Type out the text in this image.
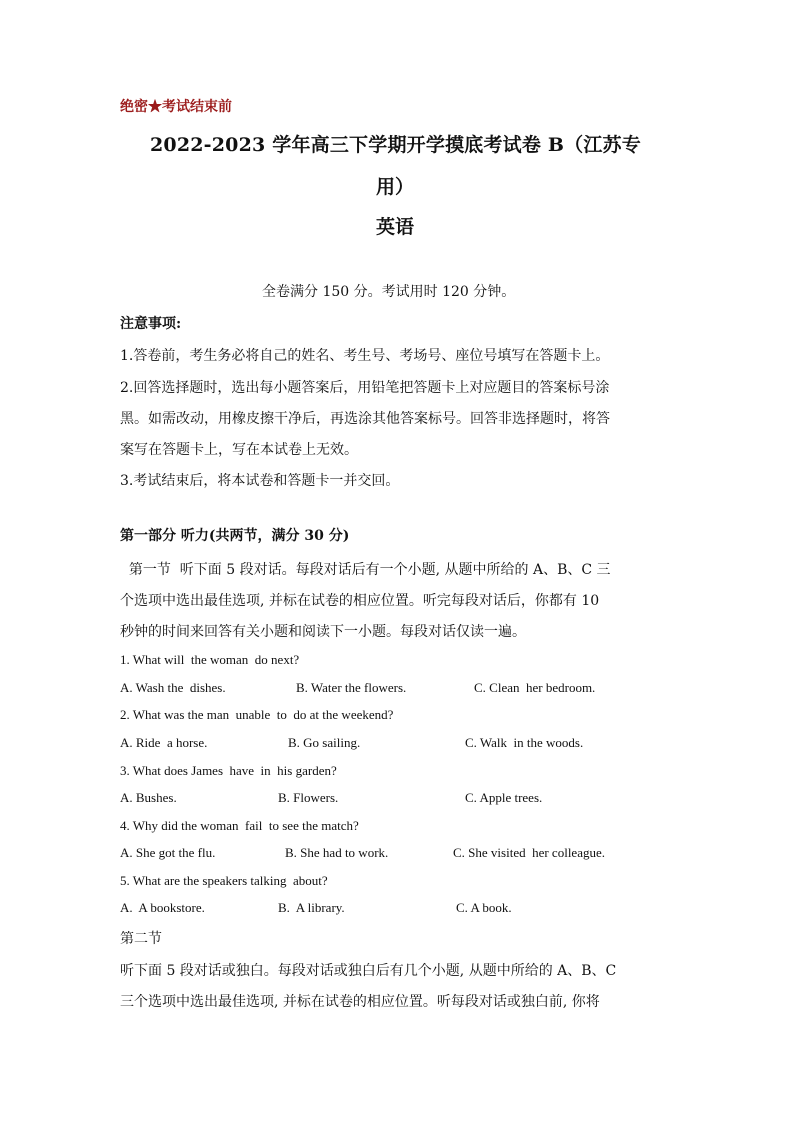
绝密★考试结束前
2022-2023 学年高三下学期开学摸底考试卷 B（江苏专
用）
英语
全卷满分 150 分。考试用时 120 分钟。
注意事项:
1.答卷前，考生务必将自己的姓名、考生号、考场号、座位号填写在答题卡上。
2.回答选择题时，选出每小题答案后，用铅笔把答题卡上对应题目的答案标号涂
黑。如需改动，用橡皮擦干净后，再选涂其他答案标号。回答非选择题时，将答
案写在答题卡上，写在本试卷上无效。
3.考试结束后，将本试卷和答题卡一并交回。
第一部分 听力(共两节，满分 30 分)
第一节  听下面 5 段对话。每段对话后有一个小题, 从题中所给的 A、B、C 三
个选项中选出最佳选项, 并标在试卷的相应位置。听完每段对话后，你都有 10
秒钟的时间来回答有关小题和阅读下一小题。每段对话仅读一遍。
1. What will  the woman  do next?
A. Wash the  dishes.	B. Water the flowers.	C. Clean  her bedroom.
2. What was the man  unable  to  do at the weekend?
A. Ride  a horse.	B. Go sailing.	C. Walk  in the woods.
3. What does James  have  in  his garden?
A. Bushes.	B. Flowers.	C. Apple trees.
4. Why did the woman  fail  to see the match?
A. She got the flu.	B. She had to work.	C. She visited  her colleague.
5. What are the speakers talking  about?
A.  A bookstore.	B.  A library.	C. A book.
第二节
听下面 5 段对话或独白。每段对话或独白后有几个小题, 从题中所给的 A、B、C
三个选项中选出最佳选项, 并标在试卷的相应位置。听每段对话或独白前, 你将
